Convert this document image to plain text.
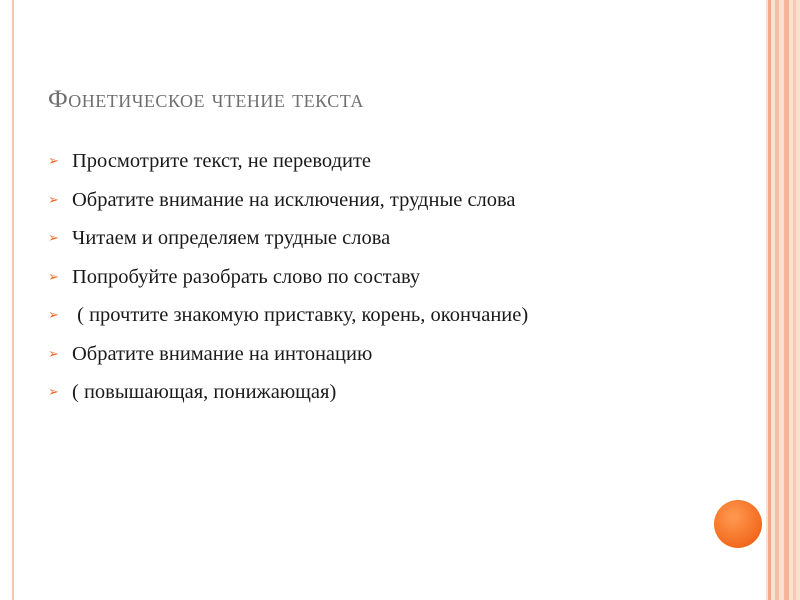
Фонетическое чтение текста
➢ Просмотрите текст, не переводите
➢ Обратите внимание на исключения, трудные слова
➢ Читаем и определяем трудные слова
➢ Попробуйте разобрать слово по составу
➢ ( прочтите знакомую приставку, корень, окончание)
➢ Обратите внимание на интонацию
➢ ( повышающая, понижающая)
